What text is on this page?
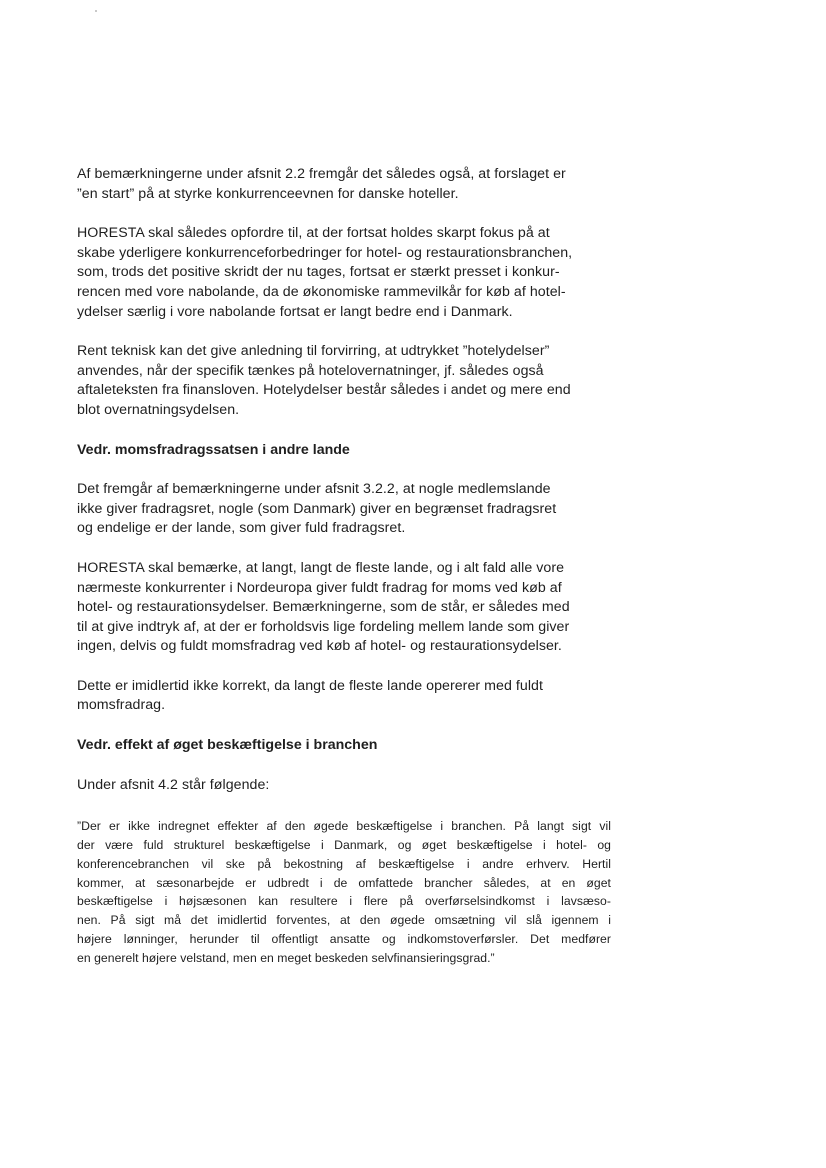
Af bemærkningerne under afsnit 2.2 fremgår det således også, at forslaget er
”en start” på at styrke konkurrenceevnen for danske hoteller.
HORESTA skal således opfordre til, at der fortsat holdes skarpt fokus på at
skabe yderligere konkurrenceforbedringer for hotel- og restaurationsbranchen,
som, trods det positive skridt der nu tages, fortsat er stærkt presset i konkur-
rencen med vore nabolande, da de økonomiske rammevilkår for køb af hotel-
ydelser særlig i vore nabolande fortsat er langt bedre end i Danmark.
Rent teknisk kan det give anledning til forvirring, at udtrykket ”hotelydelser”
anvendes, når der specifik tænkes på hotelovernatninger, jf. således også
aftaleteksten fra finansloven. Hotelydelser består således i andet og mere end
blot overnatningsydelsen.
Vedr. momsfradragssatsen i andre lande
Det fremgår af bemærkningerne under afsnit 3.2.2, at nogle medlemslande
ikke giver fradragsret, nogle (som Danmark) giver en begrænset fradragsret
og endelige er der lande, som giver fuld fradragsret.
HORESTA skal bemærke, at langt, langt de fleste lande, og i alt fald alle vore
nærmeste konkurrenter i Nordeuropa giver fuldt fradrag for moms ved køb af
hotel- og restaurationsydelser. Bemærkningerne, som de står, er således med
til at give indtryk af, at der er forholdsvis lige fordeling mellem lande som giver
ingen, delvis og fuldt momsfradrag ved køb af hotel- og restaurationsydelser.
Dette er imidlertid ikke korrekt, da langt de fleste lande opererer med fuldt
momsfradrag.
Vedr. effekt af øget beskæftigelse i branchen
Under afsnit 4.2 står følgende:
”Der er ikke indregnet effekter af den øgede beskæftigelse i branchen. På langt sigt vil
der være fuld strukturel beskæftigelse i Danmark, og øget beskæftigelse i hotel- og
konferencebranchen vil ske på bekostning af beskæftigelse i andre erhverv. Hertil
kommer, at sæsonarbejde er udbredt i de omfattede brancher således, at en øget
beskæftigelse i højsæsonen kan resultere i flere på overførselsindkomst i lavsæso-
nen. På sigt må det imidlertid forventes, at den øgede omsætning vil slå igennem i
højere lønninger, herunder til offentligt ansatte og indkomstoverførsler. Det medfører
en generelt højere velstand, men en meget beskeden selvfinansieringsgrad.”
